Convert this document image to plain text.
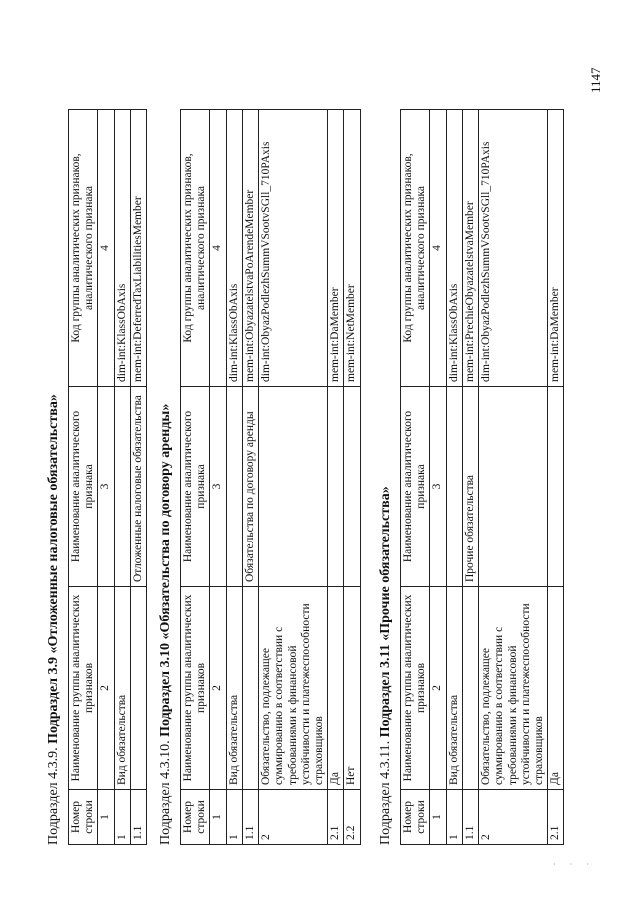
Подраздел 4.3.9. Подраздел 3.9 «Отложенные налоговые обязательства»
Номер строки	Наименование группы аналитических признаков	Наименование аналитического признака	Код группы аналитических признаков, аналитического признака
1	2	3	4
1	Вид обязательства		dim-int:KlassObAxis
1.1		Отложенные налоговые обязательства	mem-int:DeferredTaxLiabilitiesMember
Подраздел 4.3.10. Подраздел 3.10 «Обязательства по договору аренды»
Номер строки	Наименование группы аналитических признаков	Наименование аналитического признака	Код группы аналитических признаков, аналитического признака
1	2	3	4
1	Вид обязательства		dim-int:KlassObAxis
1.1		Обязательства по договору аренды	mem-int:ObyazatelstvaPoArendeMember
2	Обязательство, подлежащее суммированию в соответствии с требованиями к финансовой устойчивости и платежеспособности страховщиков		dim-int:ObyazPodlezhSummVSootvSGll_710PAxis
2.1	Да		mem-int:DaMember
2.2	Нет		mem-int:NetMember
Подраздел 4.3.11. Подраздел 3.11 «Прочие обязательства»
Номер строки	Наименование группы аналитических признаков	Наименование аналитического признака	Код группы аналитических признаков, аналитического признака
1	2	3	4
1	Вид обязательства		dim-int:KlassObAxis
1.1		Прочие обязательства	mem-int:PrechieObyazatelstvaMember
2	Обязательство, подлежащее суммированию в соответствии с требованиями к финансовой устойчивости и платежеспособности страховщиков		dim-int:ObyazPodlezhSummVSootvSGll_710PAxis
2.1	Да		mem-int:DaMember
1147
· · ·
